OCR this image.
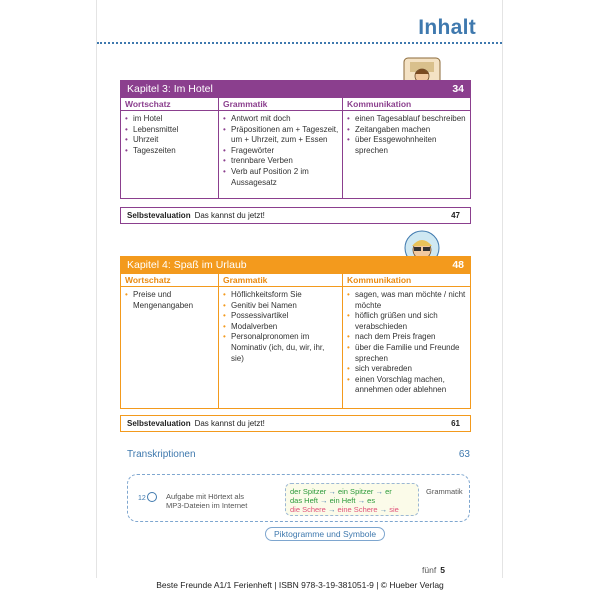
Inhalt
Kapitel 3: Im Hotel	34
Wortschatz
• im Hotel
• Lebensmittel
• Uhrzeit
• Tageszeiten
Grammatik
• Antwort mit doch
• Präpositionen am + Tageszeit, um + Uhrzeit, zum + Essen
• Fragewörter
• trennbare Verben
• Verb auf Position 2 im Aussagesatz
Kommunikation
• einen Tagesablauf beschreiben
• Zeitangaben machen
• über Essgewohnheiten sprechen
Selbstevaluation Das kannst du jetzt!	47
Kapitel 4: Spaß im Urlaub	48
Wortschatz
• Preise und Mengenangaben
Grammatik
• Höflichkeitsform Sie
• Genitiv bei Namen
• Possessivartikel
• Modalverben
• Personalpronomen im Nominativ (ich, du, wir, ihr, sie)
Kommunikation
• sagen, was man möchte / nicht möchte
• höflich grüßen und sich verabschieden
• nach dem Preis fragen
• über die Familie und Freunde sprechen
• sich verabreden
• einen Vorschlag machen, annehmen oder ablehnen
Selbstevaluation Das kannst du jetzt!	61
Transkriptionen	63
12	Aufgabe mit Hörtext als
MP3-Dateien im Internet
der Spitzer → ein Spitzer → er
das Heft → ein Heft → es
die Schere → eine Schere → sie
Grammatik
Piktogramme und Symbole
fünf 5
Beste Freunde A1/1 Ferienheft | ISBN 978-3-19-381051-9 | © Hueber Verlag
